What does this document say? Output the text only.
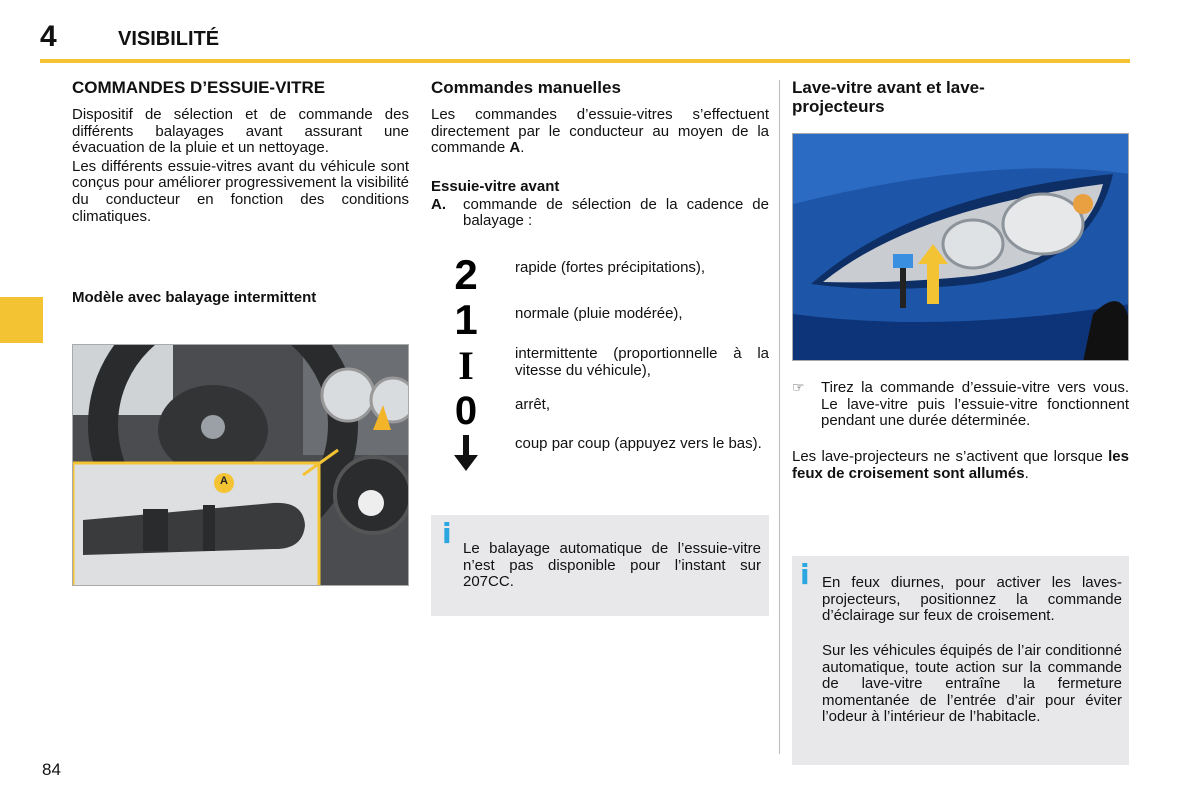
4	VISIBILITÉ
COMMANDES D’ESSUIE-VITRE

Dispositif de sélection et de commande des différents balayages avant assurant une évacuation de la pluie et un nettoyage.

Les différents essuie-vitres avant du véhicule sont conçus pour améliorer progressivement la visibilité du conducteur en fonction des conditions climatiques.

Modèle avec balayage intermittent
A
Commandes manuelles

Les commandes d’essuie-vitres s’effectuent directement par le conducteur au moyen de la commande A.

Essuie-vitre avant
A.	commande de sélection de la cadence de balayage :

2 rapide (fortes précipitations),
1 normale (pluie modérée),
I	intermittente (proportionnelle à la vitesse du véhicule),
0	arrêt,
coup par coup (appuyez vers le bas).
i Le balayage automatique de l’essuie-vitre n’est pas disponible pour l’instant sur 207CC.

Lave-vitre avant et lave-projecteurs
☞	Tirez la commande d’essuie-vitre vers vous. Le lave-vitre puis l’essuie-vitre fonctionnent pendant une durée déterminée.

Les lave-projecteurs ne s’activent que lorsque les feux de croisement sont allumés.

i En feux diurnes, pour activer les laves-projecteurs, positionnez la commande d’éclairage sur feux de croisement.

Sur les véhicules équipés de l’air conditionné automatique, toute action sur la commande de lave-vitre entraîne la fermeture momentanée de l’entrée d’air pour éviter l’odeur à l’intérieur de l’habitacle.

84
